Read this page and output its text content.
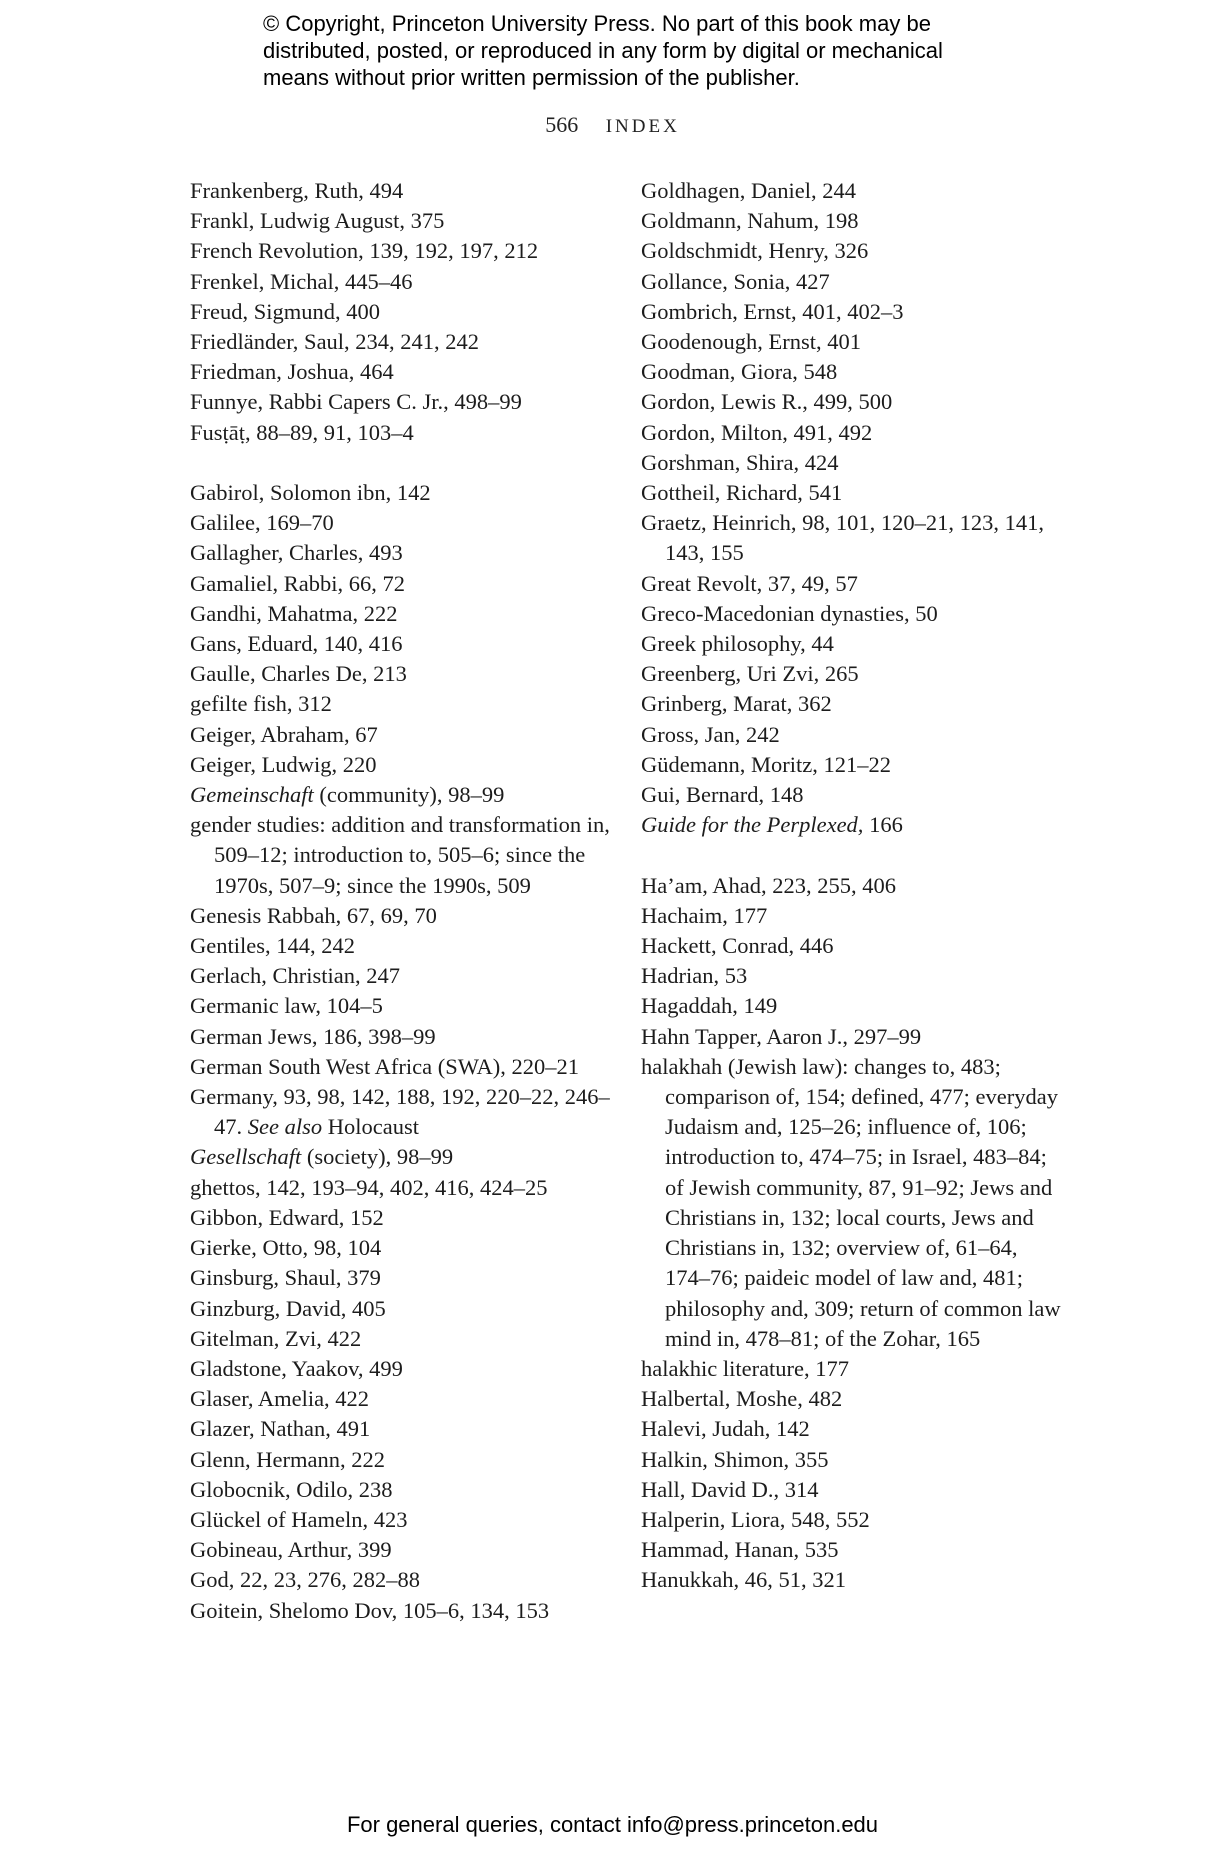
© Copyright, Princeton University Press. No part of this book may be distributed, posted, or reproduced in any form by digital or mechanical means without prior written permission of the publisher.
566 INDEX

Frankenberg, Ruth, 494

Frankl, Ludwig August, 375

French Revolution, 139, 192, 197, 212

Frenkel, Michal, 445–46

Freud, Sigmund, 400

Friedländer, Saul, 234, 241, 242

Friedman, Joshua, 464

Funnye, Rabbi Capers C. Jr., 498–99

Fusṭāṭ, 88–89, 91, 103–4

Gabirol, Solomon ibn, 142

Galilee, 169–70

Gallagher, Charles, 493

Gamaliel, Rabbi, 66, 72

Gandhi, Mahatma, 222

Gans, Eduard, 140, 416

Gaulle, Charles De, 213

gefilte fish, 312

Geiger, Abraham, 67

Geiger, Ludwig, 220

Gemeinschaft (community), 98–99

gender studies: addition and transformation in, 509–12; introduction to, 505–6; since the 1970s, 507–9; since the 1990s, 509

Genesis Rabbah, 67, 69, 70

Gentiles, 144, 242

Gerlach, Christian, 247

Germanic law, 104–5

German Jews, 186, 398–99

German South West Africa (SWA), 220–21

Germany, 93, 98, 142, 188, 192, 220–22, 246–47. See also Holocaust

Gesellschaft (society), 98–99

ghettos, 142, 193–94, 402, 416, 424–25

Gibbon, Edward, 152

Gierke, Otto, 98, 104

Ginsburg, Shaul, 379

Ginzburg, David, 405

Gitelman, Zvi, 422

Gladstone, Yaakov, 499

Glaser, Amelia, 422

Glazer, Nathan, 491

Glenn, Hermann, 222

Globocnik, Odilo, 238

Glückel of Hameln, 423

Gobineau, Arthur, 399

God, 22, 23, 276, 282–88

Goitein, Shelomo Dov, 105–6, 134, 153

Goldhagen, Daniel, 244

Goldmann, Nahum, 198

Goldschmidt, Henry, 326

Gollance, Sonia, 427

Gombrich, Ernst, 401, 402–3

Goodenough, Ernst, 401

Goodman, Giora, 548

Gordon, Lewis R., 499, 500

Gordon, Milton, 491, 492

Gorshman, Shira, 424

Gottheil, Richard, 541

Graetz, Heinrich, 98, 101, 120–21, 123, 141, 143, 155

Great Revolt, 37, 49, 57

Greco-Macedonian dynasties, 50

Greek philosophy, 44

Greenberg, Uri Zvi, 265

Grinberg, Marat, 362

Gross, Jan, 242

Güdemann, Moritz, 121–22

Gui, Bernard, 148

Guide for the Perplexed, 166

Ha’am, Ahad, 223, 255, 406

Hachaim, 177

Hackett, Conrad, 446

Hadrian, 53

Hagaddah, 149

Hahn Tapper, Aaron J., 297–99

halakhah (Jewish law): changes to, 483; comparison of, 154; defined, 477; everyday Judaism and, 125–26; influence of, 106; introduction to, 474–75; in Israel, 483–84; of Jewish community, 87, 91–92; Jews and Christians in, 132; local courts, Jews and Christians in, 132; overview of, 61–64, 174–76; paideic model of law and, 481; philosophy and, 309; return of common law mind in, 478–81; of the Zohar, 165

halakhic literature, 177

Halbertal, Moshe, 482

Halevi, Judah, 142

Halkin, Shimon, 355

Hall, David D., 314

Halperin, Liora, 548, 552

Hammad, Hanan, 535

Hanukkah, 46, 51, 321

For general queries, contact info@press.princeton.edu
